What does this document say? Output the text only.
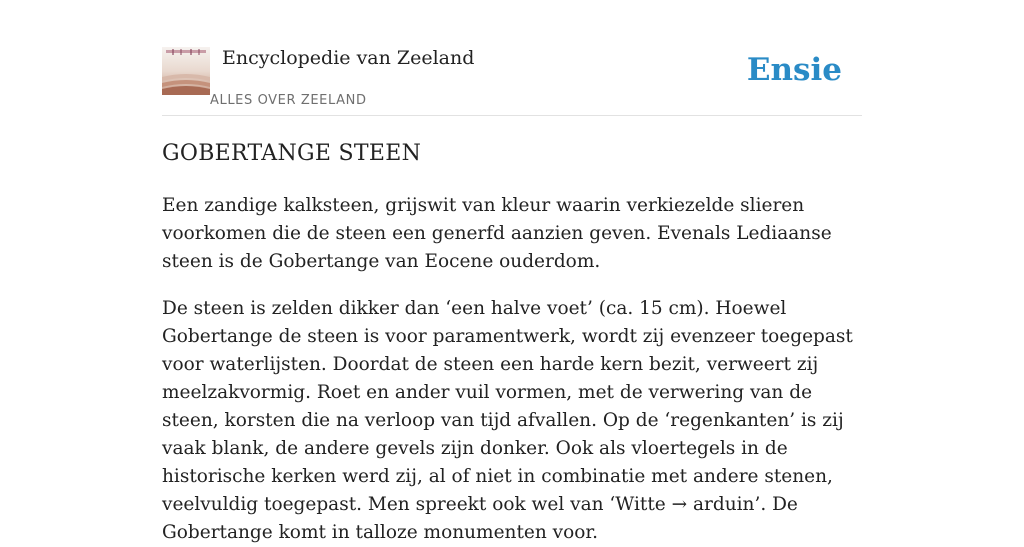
Encyclopedie van Zeeland
ALLES OVER ZEELAND
Ensie
GOBERTANGE STEEN

Een zandige kalksteen, grijswit van kleur waarin verkiezelde slieren voorkomen die de steen een generfd aanzien geven. Evenals Lediaanse steen is de Gobertange van Eocene ouderdom.

De steen is zelden dikker dan ‘een halve voet’ (ca. 15 cm). Hoewel Gobertange de steen is voor paramentwerk, wordt zij evenzeer toegepast voor waterlijsten. Doordat de steen een harde kern bezit, verweert zij meelzakvormig. Roet en ander vuil vormen, met de verwering van de steen, korsten die na verloop van tijd afvallen. Op de ‘regenkanten’ is zij vaak blank, de andere gevels zijn donker. Ook als vloertegels in de historische kerken werd zij, al of niet in combinatie met andere stenen, veelvuldig toegepast. Men spreekt ook wel van ‘Witte → arduin’. De Gobertange komt in talloze monumenten voor.
